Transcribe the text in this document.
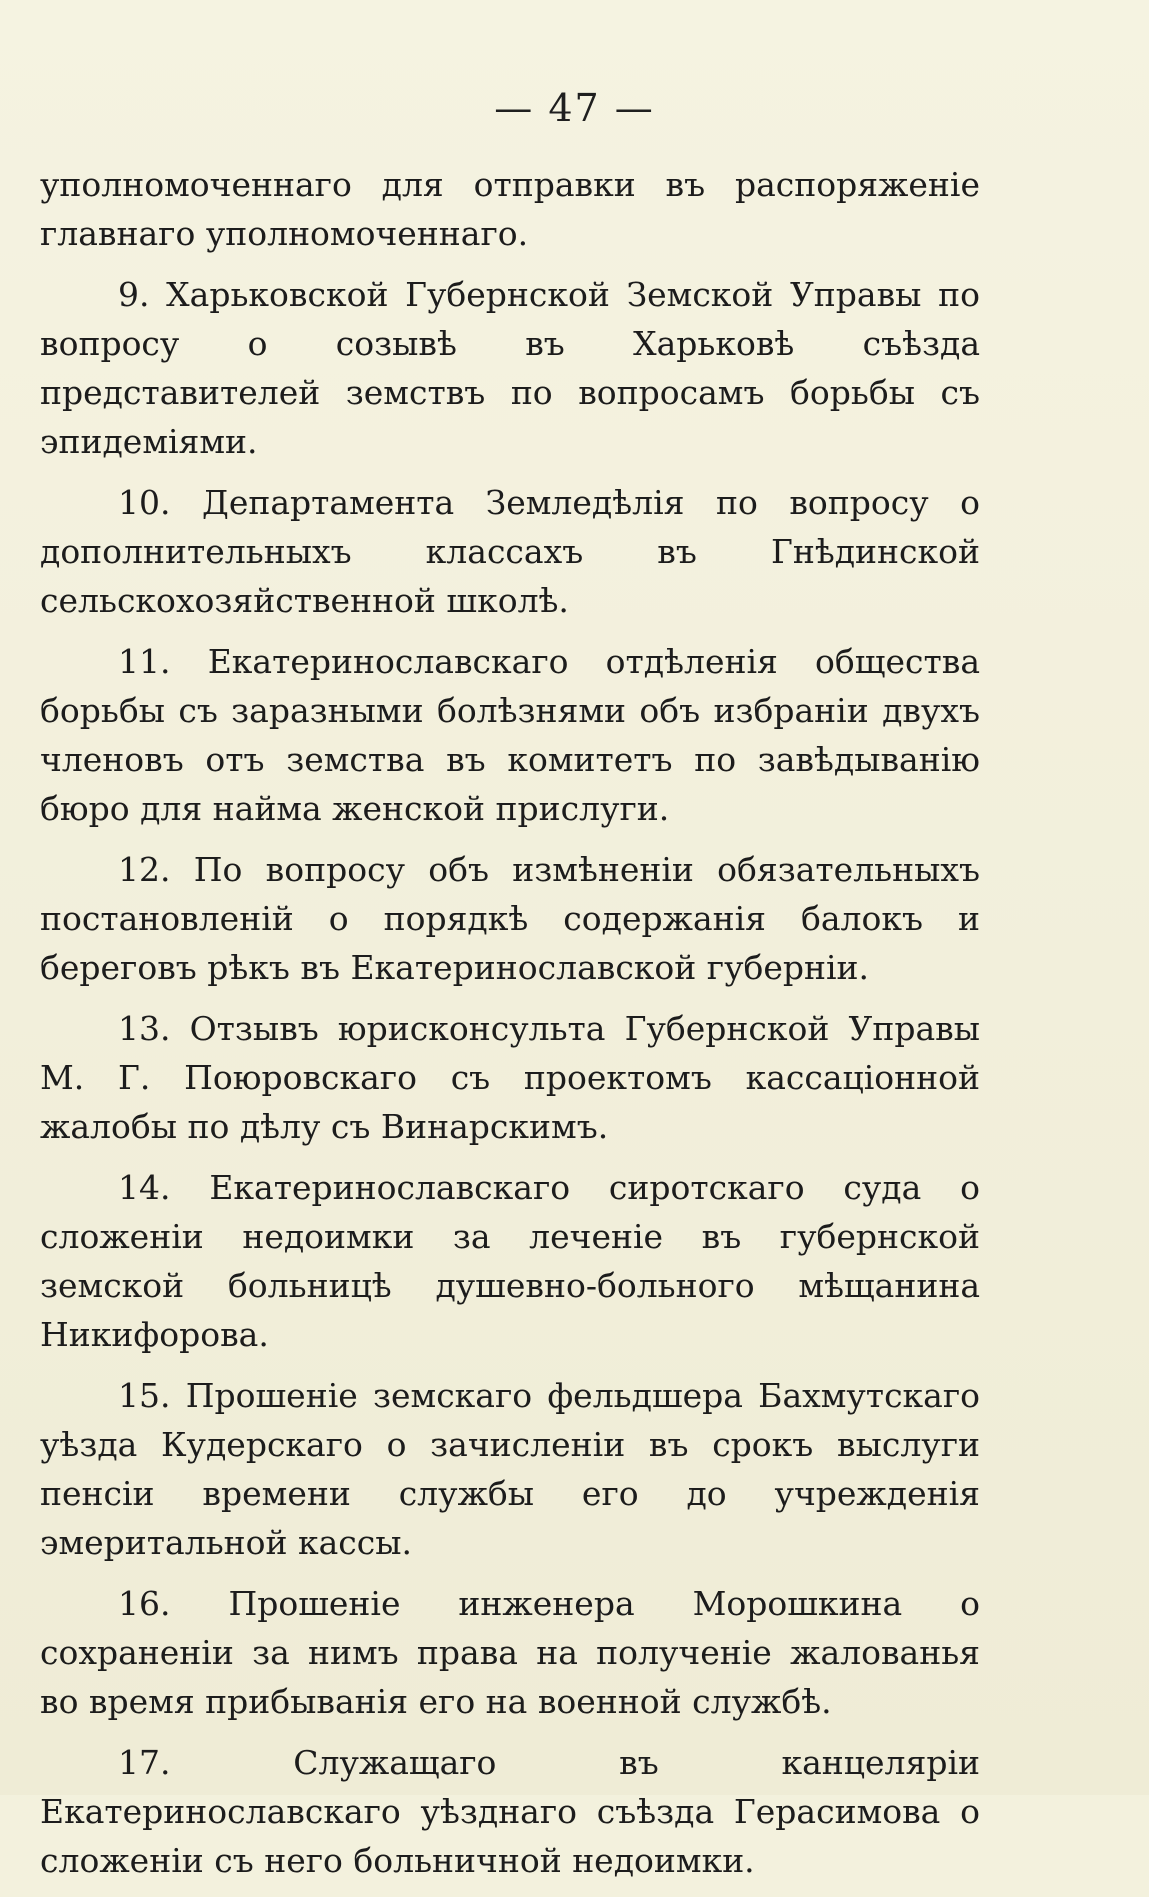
— 47 —

уполномоченнаго для отправки въ распоряженіе главнаго уполномоченнаго.

9. Харьковской Губернской Земской Управы по вопросу о созывѣ въ Харьковѣ съѣзда представителей земствъ по вопросамъ борьбы съ эпидеміями.

10. Департамента Земледѣлія по вопросу о дополнительныхъ классахъ въ Гнѣдинской сельскохозяйственной школѣ.

11. Екатеринославскаго отдѣленія общества борьбы съ заразными болѣзнями объ избраніи двухъ членовъ отъ земства въ комитетъ по завѣдыванію бюро для найма женской прислуги.

12. По вопросу объ измѣненіи обязательныхъ постановленій о порядкѣ содержанія балокъ и береговъ рѣкъ въ Екатеринославской губерніи.

13. Отзывъ юрисконсульта Губернской Управы М. Г. Поюровскаго съ проектомъ кассаціонной жалобы по дѣлу съ Винарскимъ.

14. Екатеринославскаго сиротскаго суда о сложеніи недоимки за леченіе въ губернской земской больницѣ душевно-больного мѣщанина Никифорова.

15. Прошеніе земскаго фельдшера Бахмутскаго уѣзда Кудерскаго о зачисленіи въ срокъ выслуги пенсіи времени службы его до учрежденія эмеритальной кассы.

16. Прошеніе инженера Морошкина о сохраненіи за нимъ права на полученіе жалованья во время прибыванія его на военной службѣ.

17.	Служащаго въ канцеляріи Екатеринославскаго уѣзднаго съѣзда Герасимова о сложеніи съ него больничной недоимки.
